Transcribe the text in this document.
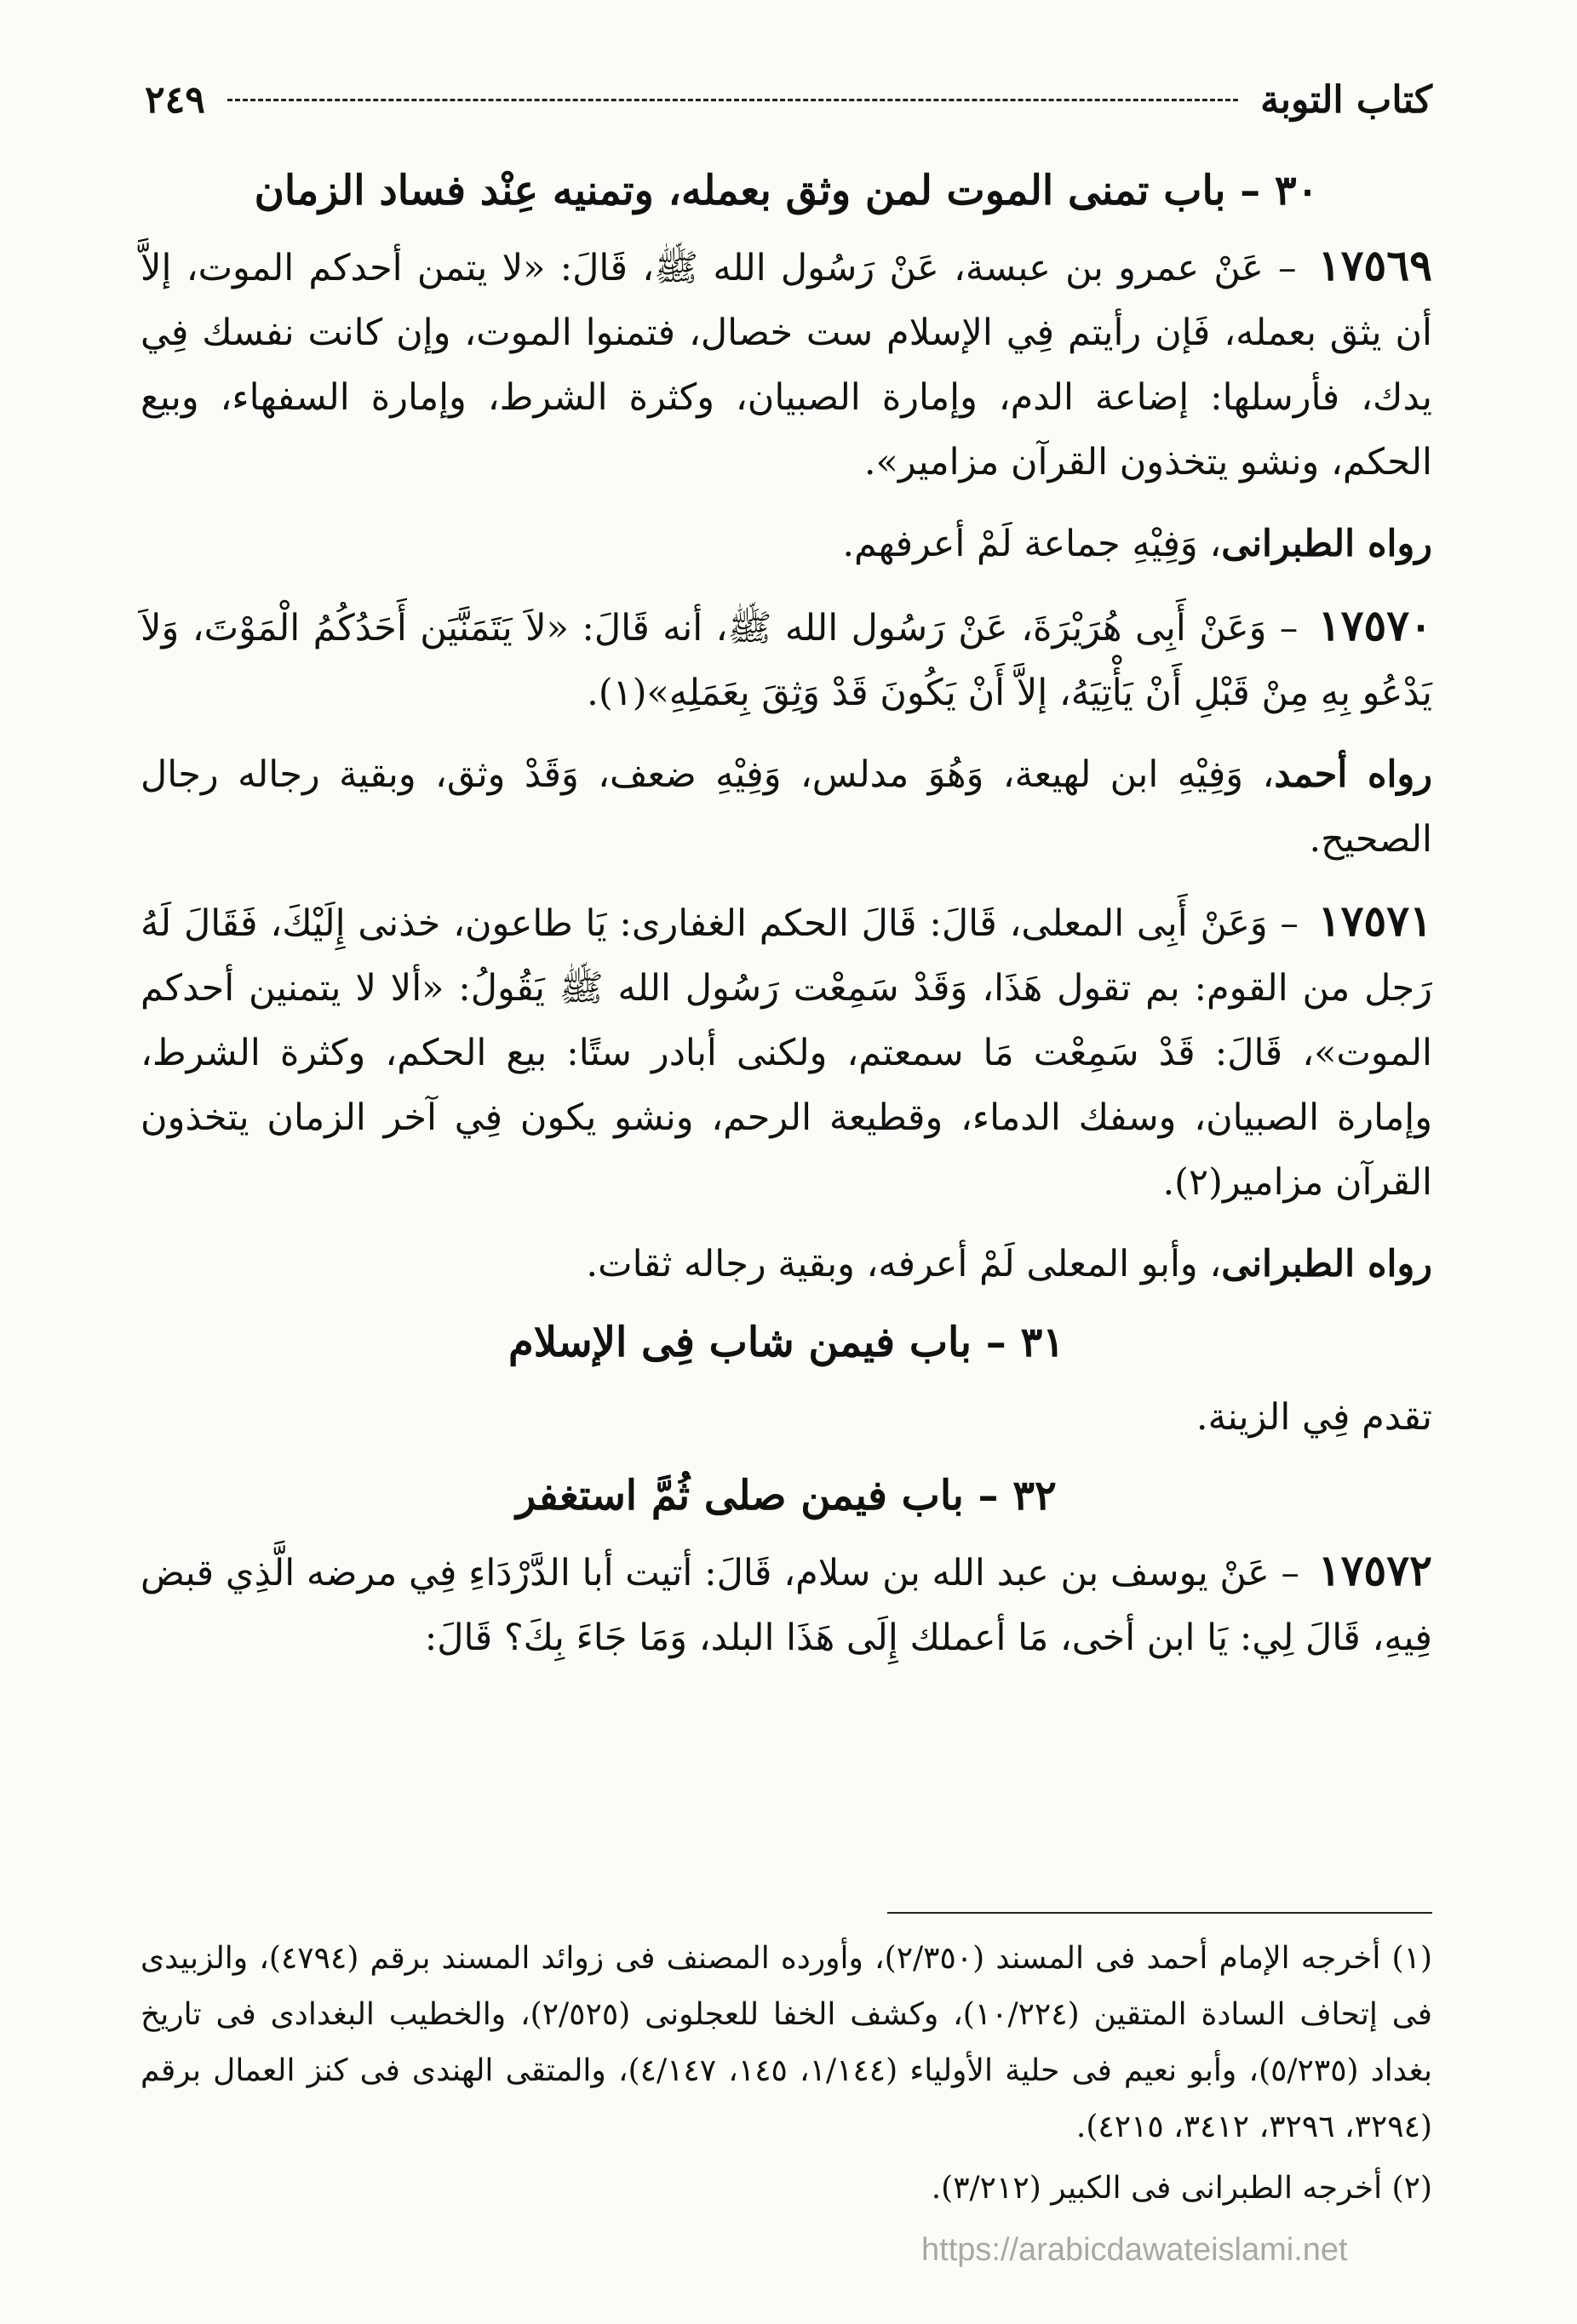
كتاب التوبة
٢٤٩
٣٠ – باب تمنى الموت لمن وثق بعمله، وتمنيه عِنْد فساد الزمان

١٧٥٦٩ – عَنْ عمرو بن عبسة، عَنْ رَسُول الله ﷺ، قَالَ: «لا يتمن أحدكم الموت، إلاَّ أن يثق بعمله، فَإن رأيتم فِي الإسلام ست خصال، فتمنوا الموت، وإن كانت نفسك فِي يدك، فأرسلها: إضاعة الدم، وإمارة الصبيان، وكثرة الشرط، وإمارة السفهاء، وبيع الحكم، ونشو يتخذون القرآن مزامير».

رواه الطبرانى، وَفِيْهِ جماعة لَمْ أعرفهم.

١٧٥٧٠ – وَعَنْ أَبِى هُرَيْرَةَ، عَنْ رَسُول الله ﷺ، أنه قَالَ: «لاَ يَتَمَنَّيَن أَحَدُكُمُ الْمَوْتَ، وَلاَ يَدْعُو بِهِ مِنْ قَبْلِ أَنْ يَأْتِيَهُ، إلاَّ أَنْ يَكُونَ قَدْ وَثِقَ بِعَمَلِهِ»(١).

رواه أحمد، وَفِيْهِ ابن لهيعة، وَهُوَ مدلس، وَفِيْهِ ضعف، وَقَدْ وثق، وبقية رجاله رجال الصحيح.

١٧٥٧١ – وَعَنْ أَبِى المعلى، قَالَ: قَالَ الحكم الغفارى: يَا طاعون، خذنى إِلَيْكَ، فَقَالَ لَهُ رَجل من القوم: بم تقول هَذَا، وَقَدْ سَمِعْت رَسُول الله ﷺ يَقُولُ: «ألا لا يتمنين أحدكم الموت»، قَالَ: قَدْ سَمِعْت مَا سمعتم، ولكنى أبادر ستًا: بيع الحكم، وكثرة الشرط، وإمارة الصبيان، وسفك الدماء، وقطيعة الرحم، ونشو يكون فِي آخر الزمان يتخذون القرآن مزامير(٢).

رواه الطبرانى، وأبو المعلى لَمْ أعرفه، وبقية رجاله ثقات.

٣١ – باب فيمن شاب فِى الإسلام

تقدم فِي الزينة.

٣٢ – باب فيمن صلى ثُمَّ استغفر

١٧٥٧٢ – عَنْ يوسف بن عبد الله بن سلام، قَالَ: أتيت أبا الدَّرْدَاءِ فِي مرضه الَّذِي قبض فِيهِ، قَالَ لِي: يَا ابن أخى، مَا أعملك إِلَى هَذَا البلد، وَمَا جَاءَ بِكَ؟ قَالَ:

(١) أخرجه الإمام أحمد فى المسند (٢/٣٥٠)، وأورده المصنف فى زوائد المسند برقم (٤٧٩٤)، والزبيدى فى إتحاف السادة المتقين (١٠/٢٢٤)، وكشف الخفا للعجلونى (٢/٥٢٥)، والخطيب البغدادى فى تاريخ بغداد (٥/٢٣٥)، وأبو نعيم فى حلية الأولياء (١/١٤٤، ١٤٥، ٤/١٤٧)، والمتقى الهندى فى كنز العمال برقم (٣٢٩٤، ٣٢٩٦، ٣٤١٢، ٤٢١٥).

(٢) أخرجه الطبرانى فى الكبير (٣/٢١٢).

https://arabicdawateislami.net
